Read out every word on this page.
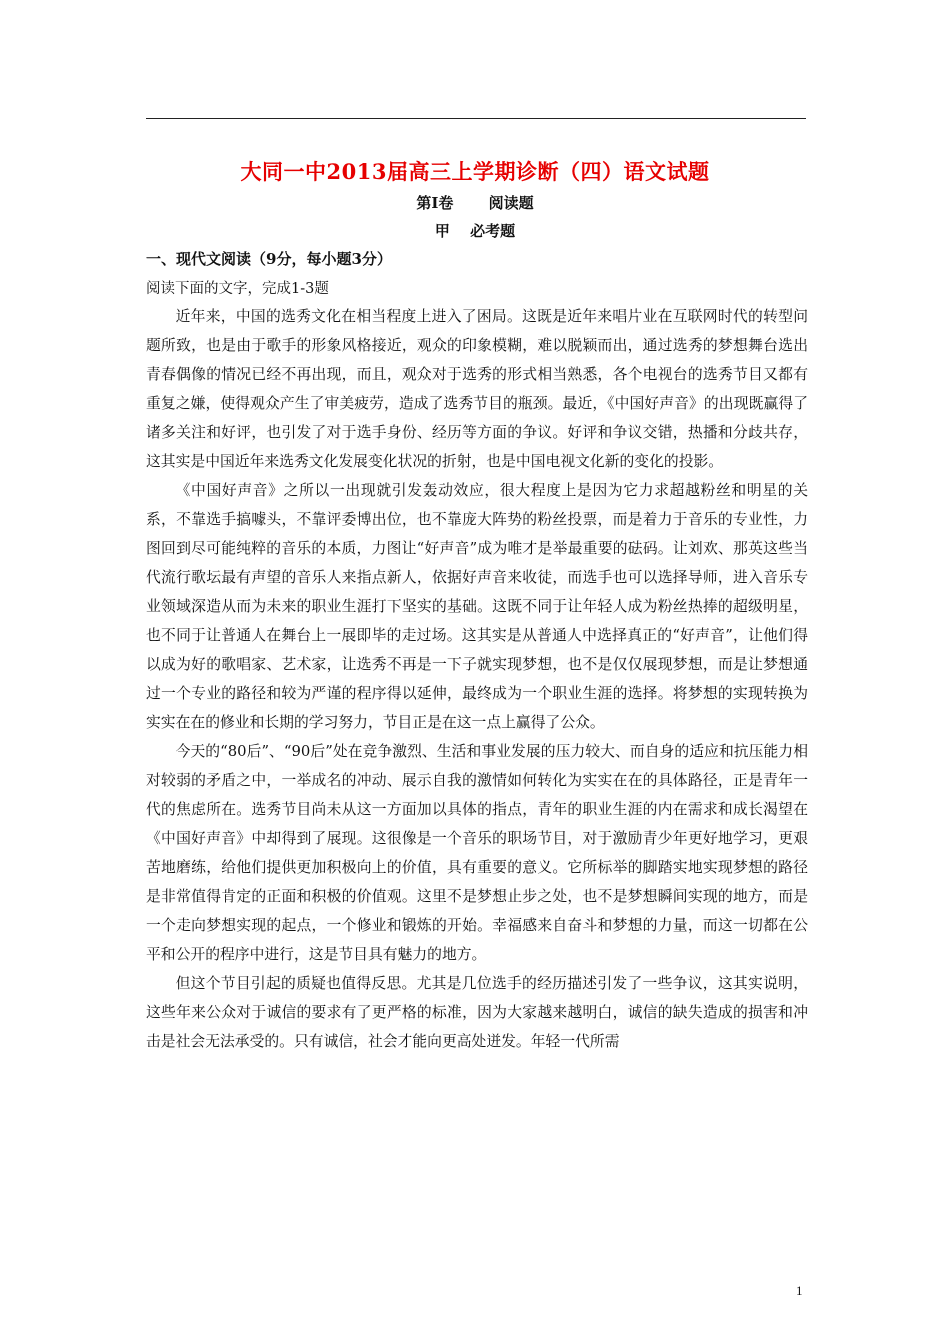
大同一中2013届高三上学期诊断（四）语文试题
第Ⅰ卷　　 阅读题
甲　 必考题
一、现代文阅读（9分，每小题3分）
阅读下面的文字，完成1-3题

近年来，中国的选秀文化在相当程度上进入了困局。这既是近年来唱片业在互联网时代的转型问题所致，也是由于歌手的形象风格接近，观众的印象模糊，难以脱颖而出，通过选秀的梦想舞台选出青春偶像的情况已经不再出现，而且，观众对于选秀的形式相当熟悉，各个电视台的选秀节目又都有重复之嫌，使得观众产生了审美疲劳，造成了选秀节目的瓶颈。最近，《中国好声音》的出现既赢得了诸多关注和好评，也引发了对于选手身份、经历等方面的争议。好评和争议交错，热播和分歧共存，这其实是中国近年来选秀文化发展变化状况的折射，也是中国电视文化新的变化的投影。

《中国好声音》之所以一出现就引发轰动效应，很大程度上是因为它力求超越粉丝和明星的关系，不靠选手搞噱头，不靠评委博出位，也不靠庞大阵势的粉丝投票，而是着力于音乐的专业性，力图回到尽可能纯粹的音乐的本质，力图让“好声音”成为唯才是举最重要的砝码。让刘欢、那英这些当代流行歌坛最有声望的音乐人来指点新人，依据好声音来收徒，而选手也可以选择导师，进入音乐专业领域深造从而为未来的职业生涯打下坚实的基础。这既不同于让年轻人成为粉丝热捧的超级明星，也不同于让普通人在舞台上一展即毕的走过场。这其实是从普通人中选择真正的“好声音”，让他们得以成为好的歌唱家、艺术家，让选秀不再是一下子就实现梦想，也不是仅仅展现梦想，而是让梦想通过一个专业的路径和较为严谨的程序得以延伸，最终成为一个职业生涯的选择。将梦想的实现转换为实实在在的修业和长期的学习努力，节目正是在这一点上赢得了公众。

今天的“80后”、“90后”处在竞争激烈、生活和事业发展的压力较大、而自身的适应和抗压能力相对较弱的矛盾之中，一举成名的冲动、展示自我的激情如何转化为实实在在的具体路径，正是青年一代的焦虑所在。选秀节目尚未从这一方面加以具体的指点，青年的职业生涯的内在需求和成长渴望在《中国好声音》中却得到了展现。这很像是一个音乐的职场节目，对于激励青少年更好地学习，更艰苦地磨练，给他们提供更加积极向上的价值，具有重要的意义。它所标举的脚踏实地实现梦想的路径是非常值得肯定的正面和积极的价值观。这里不是梦想止步之处，也不是梦想瞬间实现的地方，而是一个走向梦想实现的起点，一个修业和锻炼的开始。幸福感来自奋斗和梦想的力量，而这一切都在公平和公开的程序中进行，这是节目具有魅力的地方。

但这个节目引起的质疑也值得反思。尤其是几位选手的经历描述引发了一些争议，这其实说明，这些年来公众对于诚信的要求有了更严格的标准，因为大家越来越明白，诚信的缺失造成的损害和冲击是社会无法承受的。只有诚信，社会才能向更高处迸发。年轻一代所需

1
